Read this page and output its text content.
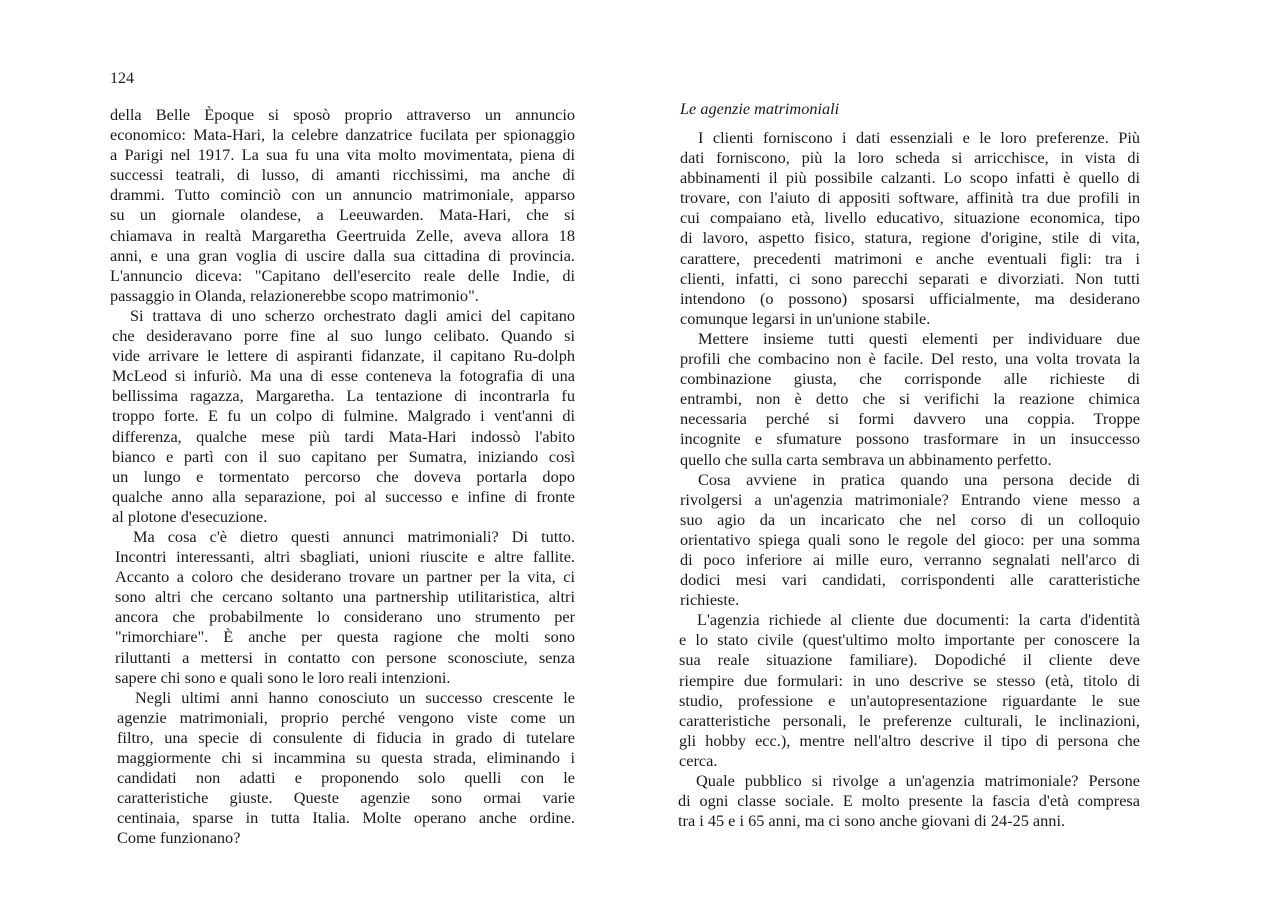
124
della Belle Èpoque si sposò proprio attraverso un annuncio
economico: Mata-Hari, la celebre danzatrice fucilata per spionaggio
a Parigi nel 1917. La sua fu una vita molto movimentata, piena di
successi teatrali, di lusso, di amanti ricchissimi, ma anche di
drammi. Tutto cominciò con un annuncio matrimoniale, apparso
su un giornale olandese, a Leeuwarden. Mata-Hari, che si
chiamava in realtà Margaretha Geertruida Zelle, aveva allora 18
anni, e una gran voglia di uscire dalla sua cittadina di provincia.
L'annuncio diceva: "Capitano dell'esercito reale delle Indie, di
passaggio in Olanda, relazionerebbe scopo matrimonio".
Si trattava di uno scherzo orchestrato dagli amici del capitano
che desideravano porre fine al suo lungo celibato. Quando si
vide arrivare le lettere di aspiranti fidanzate, il capitano Ru-dolph
McLeod si infuriò. Ma una di esse conteneva la fotografia di una
bellissima ragazza, Margaretha. La tentazione di incontrarla fu
troppo forte. E fu un colpo di fulmine. Malgrado i vent'anni di
differenza, qualche mese più tardi Mata-Hari indossò l'abito
bianco e partì con il suo capitano per Sumatra, iniziando così
un lungo e tormentato percorso che doveva portarla dopo
qualche anno alla separazione, poi al successo e infine di fronte
al plotone d'esecuzione.
Ma cosa c'è dietro questi annunci matrimoniali? Di tutto.
Incontri interessanti, altri sbagliati, unioni riuscite e altre fallite.
Accanto a coloro che desiderano trovare un partner per la vita, ci
sono altri che cercano soltanto una partnership utilitaristica, altri
ancora che probabilmente lo considerano uno strumento per
"rimorchiare". È anche per questa ragione che molti sono
riluttanti a mettersi in contatto con persone sconosciute, senza
sapere chi sono e quali sono le loro reali intenzioni.
Negli ultimi anni hanno conosciuto un successo crescente le
agenzie matrimoniali, proprio perché vengono viste come un
filtro, una specie di consulente di fiducia in grado di tutelare
maggiormente chi si incammina su questa strada, eliminando i
candidati non adatti e proponendo solo quelli con le
caratteristiche giuste. Queste agenzie sono ormai varie
centinaia, sparse in tutta Italia. Molte operano anche ordine.
Come funzionano?
Le agenzie matrimoniali
I clienti forniscono i dati essenziali e le loro preferenze. Più
dati forniscono, più la loro scheda si arricchisce, in vista di
abbinamenti il più possibile calzanti. Lo scopo infatti è quello di
trovare, con l'aiuto di appositi software, affinità tra due profili in
cui compaiano età, livello educativo, situazione economica, tipo
di lavoro, aspetto fisico, statura, regione d'origine, stile di vita,
carattere, precedenti matrimoni e anche eventuali figli: tra i
clienti, infatti, ci sono parecchi separati e divorziati. Non tutti
intendono (o possono) sposarsi ufficialmente, ma desiderano
comunque legarsi in un'unione stabile.
Mettere insieme tutti questi elementi per individuare due
profili che combacino non è facile. Del resto, una volta trovata la
combinazione giusta, che corrisponde alle richieste di
entrambi, non è detto che si verifichi la reazione chimica
necessaria perché si formi davvero una coppia. Troppe
incognite e sfumature possono trasformare in un insuccesso
quello che sulla carta sembrava un abbinamento perfetto.
Cosa avviene in pratica quando una persona decide di
rivolgersi a un'agenzia matrimoniale? Entrando viene messo a
suo agio da un incaricato che nel corso di un colloquio
orientativo spiega quali sono le regole del gioco: per una somma
di poco inferiore ai mille euro, verranno segnalati nell'arco di
dodici mesi vari candidati, corrispondenti alle caratteristiche
richieste.
L'agenzia richiede al cliente due documenti: la carta d'identità
e lo stato civile (quest'ultimo molto importante per conoscere la
sua reale situazione familiare). Dopodiché il cliente deve
riempire due formulari: in uno descrive se stesso (età, titolo di
studio, professione e un'autopresentazione riguardante le sue
caratteristiche personali, le preferenze culturali, le inclinazioni,
gli hobby ecc.), mentre nell'altro descrive il tipo di persona che
cerca.
Quale pubblico si rivolge a un'agenzia matrimoniale? Persone
di ogni classe sociale. E molto presente la fascia d'età compresa
tra i 45 e i 65 anni, ma ci sono anche giovani di 24-25 anni.
